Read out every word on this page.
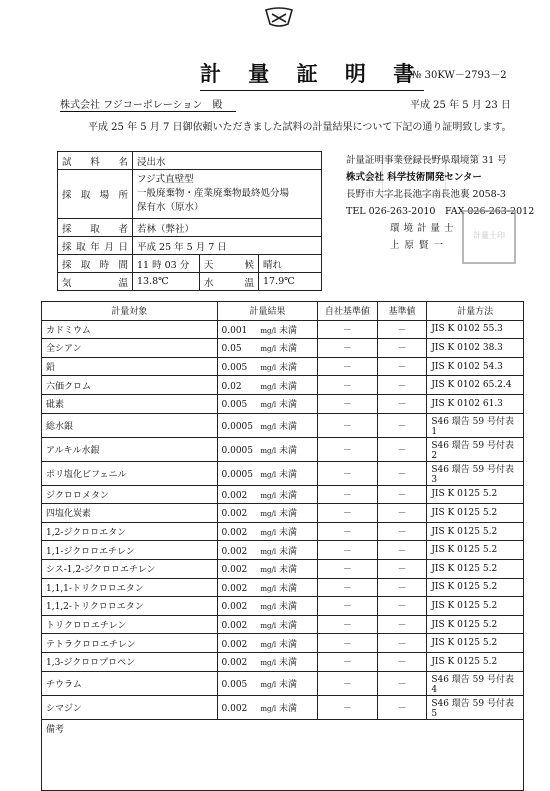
計 量 証 明 書
№ 30KW－2793－2
株式会社 フジコーポレーション　殿	平成 25 年 5 月 23 日
平成 25 年 5 月 7 日御依頼いただきました試料の計量結果について下記の通り証明致します。
試料名	浸出水		
採取場所	フジ式直壁型
一般廃棄物・産業廃棄物最終処分場
保有水（原水）		

採取者	若林（弊社）		
採取年月日	平成 25 年 5 月 7 日		
採取時間	11 時 03 分	天候	晴れ
気温	13.8℃	水温	17.9℃
計量証明事業登録長野県環境第 31 号
株式会社 科学技術開発センター
長野市大字北長池字南長池裏 2058-3
TEL 026-263-2010　FAX 026-263-2012
環境計量士
上原賢一
計量士印
計量対象	計量結果	自社基準値	基準値	計量方法
カドミウム	0.001 mg/l 未満	－	－	JIS K 0102 55.3
全シアン	0.05 mg/l 未満	－	－	JIS K 0102 38.3
鉛	0.005 mg/l 未満	－	－	JIS K 0102 54.3
六価クロム	0.02 mg/l 未満	－	－	JIS K 0102 65.2.4
砒素	0.005 mg/l 未満	－	－	JIS K 0102 61.3
総水銀	0.0005 mg/l 未満	－	－	S46 環告 59 号付表 1
アルキル水銀	0.0005 mg/l 未満	－	－	S46 環告 59 号付表 2
ポリ塩化ビフェニル	0.0005 mg/l 未満	－	－	S46 環告 59 号付表 3
ジクロロメタン	0.002 mg/l 未満	－	－	JIS K 0125 5.2
四塩化炭素	0.002 mg/l 未満	－	－	JIS K 0125 5.2
1,2-ジクロロエタン	0.002 mg/l 未満	－	－	JIS K 0125 5.2
1,1-ジクロロエチレン	0.002 mg/l 未満	－	－	JIS K 0125 5.2
シス-1,2-ジクロロエチレン	0.002 mg/l 未満	－	－	JIS K 0125 5.2
1,1,1-トリクロロエタン	0.002 mg/l 未満	－	－	JIS K 0125 5.2
1,1,2-トリクロロエタン	0.002 mg/l 未満	－	－	JIS K 0125 5.2
トリクロロエチレン	0.002 mg/l 未満	－	－	JIS K 0125 5.2
テトラクロロエチレン	0.002 mg/l 未満	－	－	JIS K 0125 5.2
1,3-ジクロロプロペン	0.002 mg/l 未満	－	－	JIS K 0125 5.2
チウラム	0.005 mg/l 未満	－	－	S46 環告 59 号付表 4
シマジン	0.002 mg/l 未満	－	－	S46 環告 59 号付表 5
備考				
